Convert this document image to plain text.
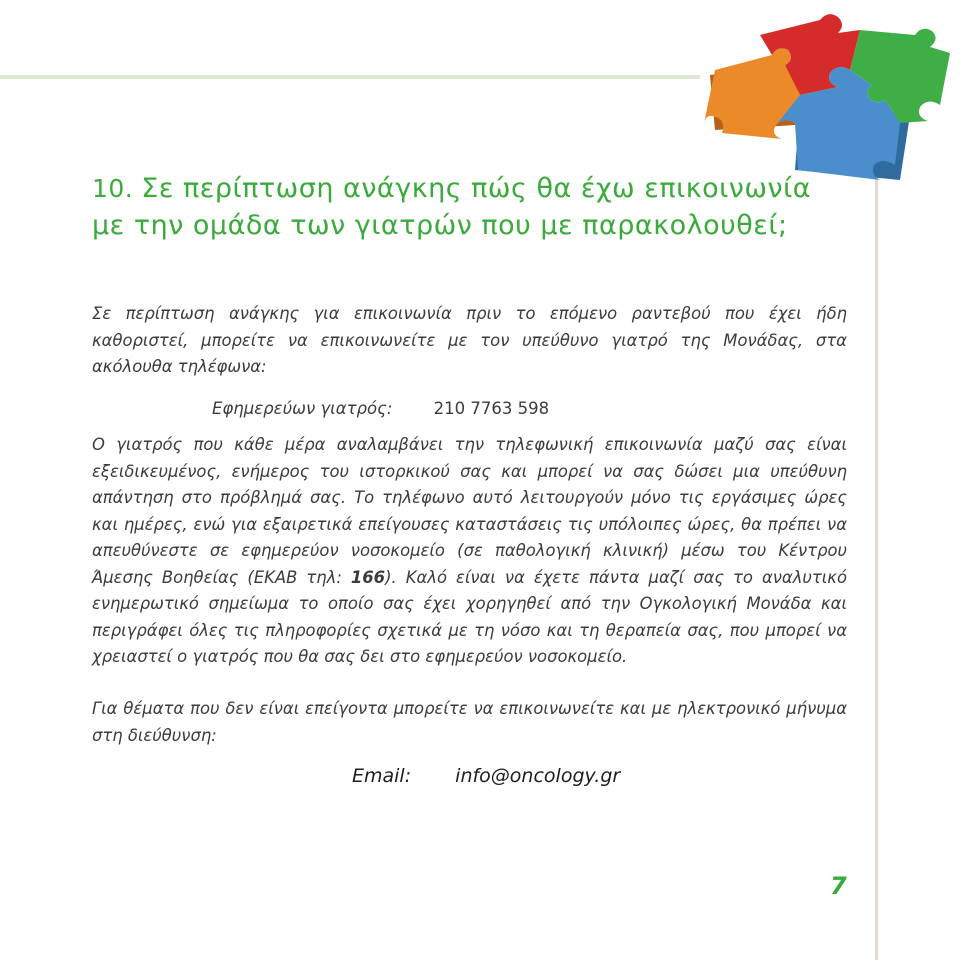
10. Σε περίπτωση ανάγκης πώς θα έχω επικοινωνία με την ομάδα των γιατρών που με παρακολουθεί;

Σε περίπτωση ανάγκης για επικοινωνία πριν το επόμενο ραντεβού που έχει ήδη καθοριστεί, μπορείτε να επικοινωνείτε με τον υπεύθυνο γιατρό της Μονάδας, στα ακόλουθα τηλέφωνα:

Εφημερεύων γιατρός:	210 7763 598

Ο γιατρός που κάθε μέρα αναλαμβάνει την τηλεφωνική επικοινωνία μαζύ σας είναι εξειδικευμένος, ενήμερος του ιστορκικού σας και μπορεί να σας δώσει μια υπεύθυνη απάντηση στο πρόβλημά σας. Το τηλέφωνο αυτό λειτουργούν μόνο τις εργάσιμες ώρες και ημέρες, ενώ για εξαιρετικά επείγουσες καταστάσεις τις υπόλοιπες ώρες, θα πρέπει να απευθύνεστε σε εφημερεύον νοσοκομείο (σε παθολογική κλινική) μέσω του Κέντρου Άμεσης Βοηθείας (ΕΚΑΒ τηλ: 166). Καλό είναι να έχετε πάντα μαζί σας το αναλυτικό ενημερωτικό σημείωμα το οποίο σας έχει χορηγηθεί από την Ογκολογική Μονάδα και περιγράφει όλες τις πληροφορίες σχετικά με τη νόσο και τη θεραπεία σας, που μπορεί να χρειαστεί ο γιατρός που θα σας δει στο εφημερεύον νοσοκομείο.

Για θέματα που δεν είναι επείγοντα μπορείτε να επικοινωνείτε και με ηλεκτρονικό μήνυμα στη διεύθυνση:

Email: info@oncology.gr
7
